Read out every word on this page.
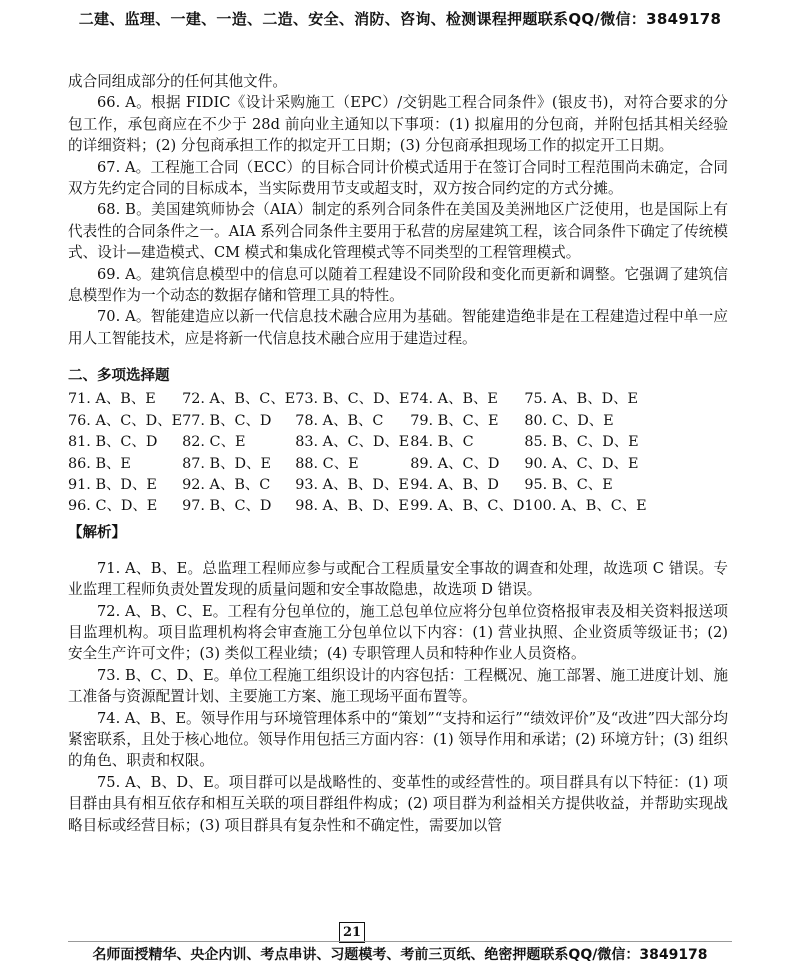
二建、监理、一建、一造、二造、安全、消防、咨询、检测课程押题联系QQ/微信：3849178

成合同组成部分的任何其他文件。

66. A。根据 FIDIC《设计采购施工（EPC）/交钥匙工程合同条件》(银皮书)，对符合要求的分包工作，承包商应在不少于 28d 前向业主通知以下事项：(1) 拟雇用的分包商，并附包括其相关经验的详细资料；(2) 分包商承担工作的拟定开工日期；(3) 分包商承担现场工作的拟定开工日期。

67. A。工程施工合同（ECC）的目标合同计价模式适用于在签订合同时工程范围尚未确定，合同双方先约定合同的目标成本，当实际费用节支或超支时，双方按合同约定的方式分摊。

68. B。美国建筑师协会（AIA）制定的系列合同条件在美国及美洲地区广泛使用，也是国际上有代表性的合同条件之一。AIA 系列合同条件主要用于私营的房屋建筑工程，该合同条件下确定了传统模式、设计—建造模式、CM 模式和集成化管理模式等不同类型的工程管理模式。

69. A。建筑信息模型中的信息可以随着工程建设不同阶段和变化而更新和调整。它强调了建筑信息模型作为一个动态的数据存储和管理工具的特性。

70. A。智能建造应以新一代信息技术融合应用为基础。智能建造绝非是在工程建造过程中单一应用人工智能技术，应是将新一代信息技术融合应用于建造过程。

二、多项选择题
71. A、B、E	72. A、B、C、E	73. B、C、D、E	74. A、B、E	75. A、B、D、E
76. A、C、D、E	77. B、C、D	78. A、B、C	79. B、C、E	80. C、D、E
81. B、C、D	82. C、E	83. A、C、D、E	84. B、C	85. B、C、D、E
86. B、E	87. B、D、E	88. C、E	89. A、C、D	90. A、C、D、E
91. B、D、E	92. A、B、C	93. A、B、D、E	94. A、B、D	95. B、C、E
96. C、D、E	97. B、C、D	98. A、B、D、E	99. A、B、C、D	100. A、B、C、E
【解析】

71. A、B、E。总监理工程师应参与或配合工程质量安全事故的调查和处理，故选项 C 错误。专业监理工程师负责处置发现的质量问题和安全事故隐患，故选项 D 错误。

72. A、B、C、E。工程有分包单位的，施工总包单位应将分包单位资格报审表及相关资料报送项目监理机构。项目监理机构将会审查施工分包单位以下内容：(1) 营业执照、企业资质等级证书；(2) 安全生产许可文件；(3) 类似工程业绩；(4) 专职管理人员和特种作业人员资格。

73. B、C、D、E。单位工程施工组织设计的内容包括：工程概况、施工部署、施工进度计划、施工准备与资源配置计划、主要施工方案、施工现场平面布置等。

74. A、B、E。领导作用与环境管理体系中的“策划”“支持和运行”“绩效评价”及“改进”四大部分均紧密联系，且处于核心地位。领导作用包括三方面内容：(1) 领导作用和承诺；(2) 环境方针；(3) 组织的角色、职责和权限。

75. A、B、D、E。项目群可以是战略性的、变革性的或经营性的。项目群具有以下特征：(1) 项目群由具有相互依存和相互关联的项目群组件构成；(2) 项目群为利益相关方提供收益，并帮助实现战略目标或经营目标；(3) 项目群具有复杂性和不确定性，需要加以管

21
名师面授精华、央企内训、考点串讲、习题模考、考前三页纸、绝密押题联系QQ/微信：3849178
